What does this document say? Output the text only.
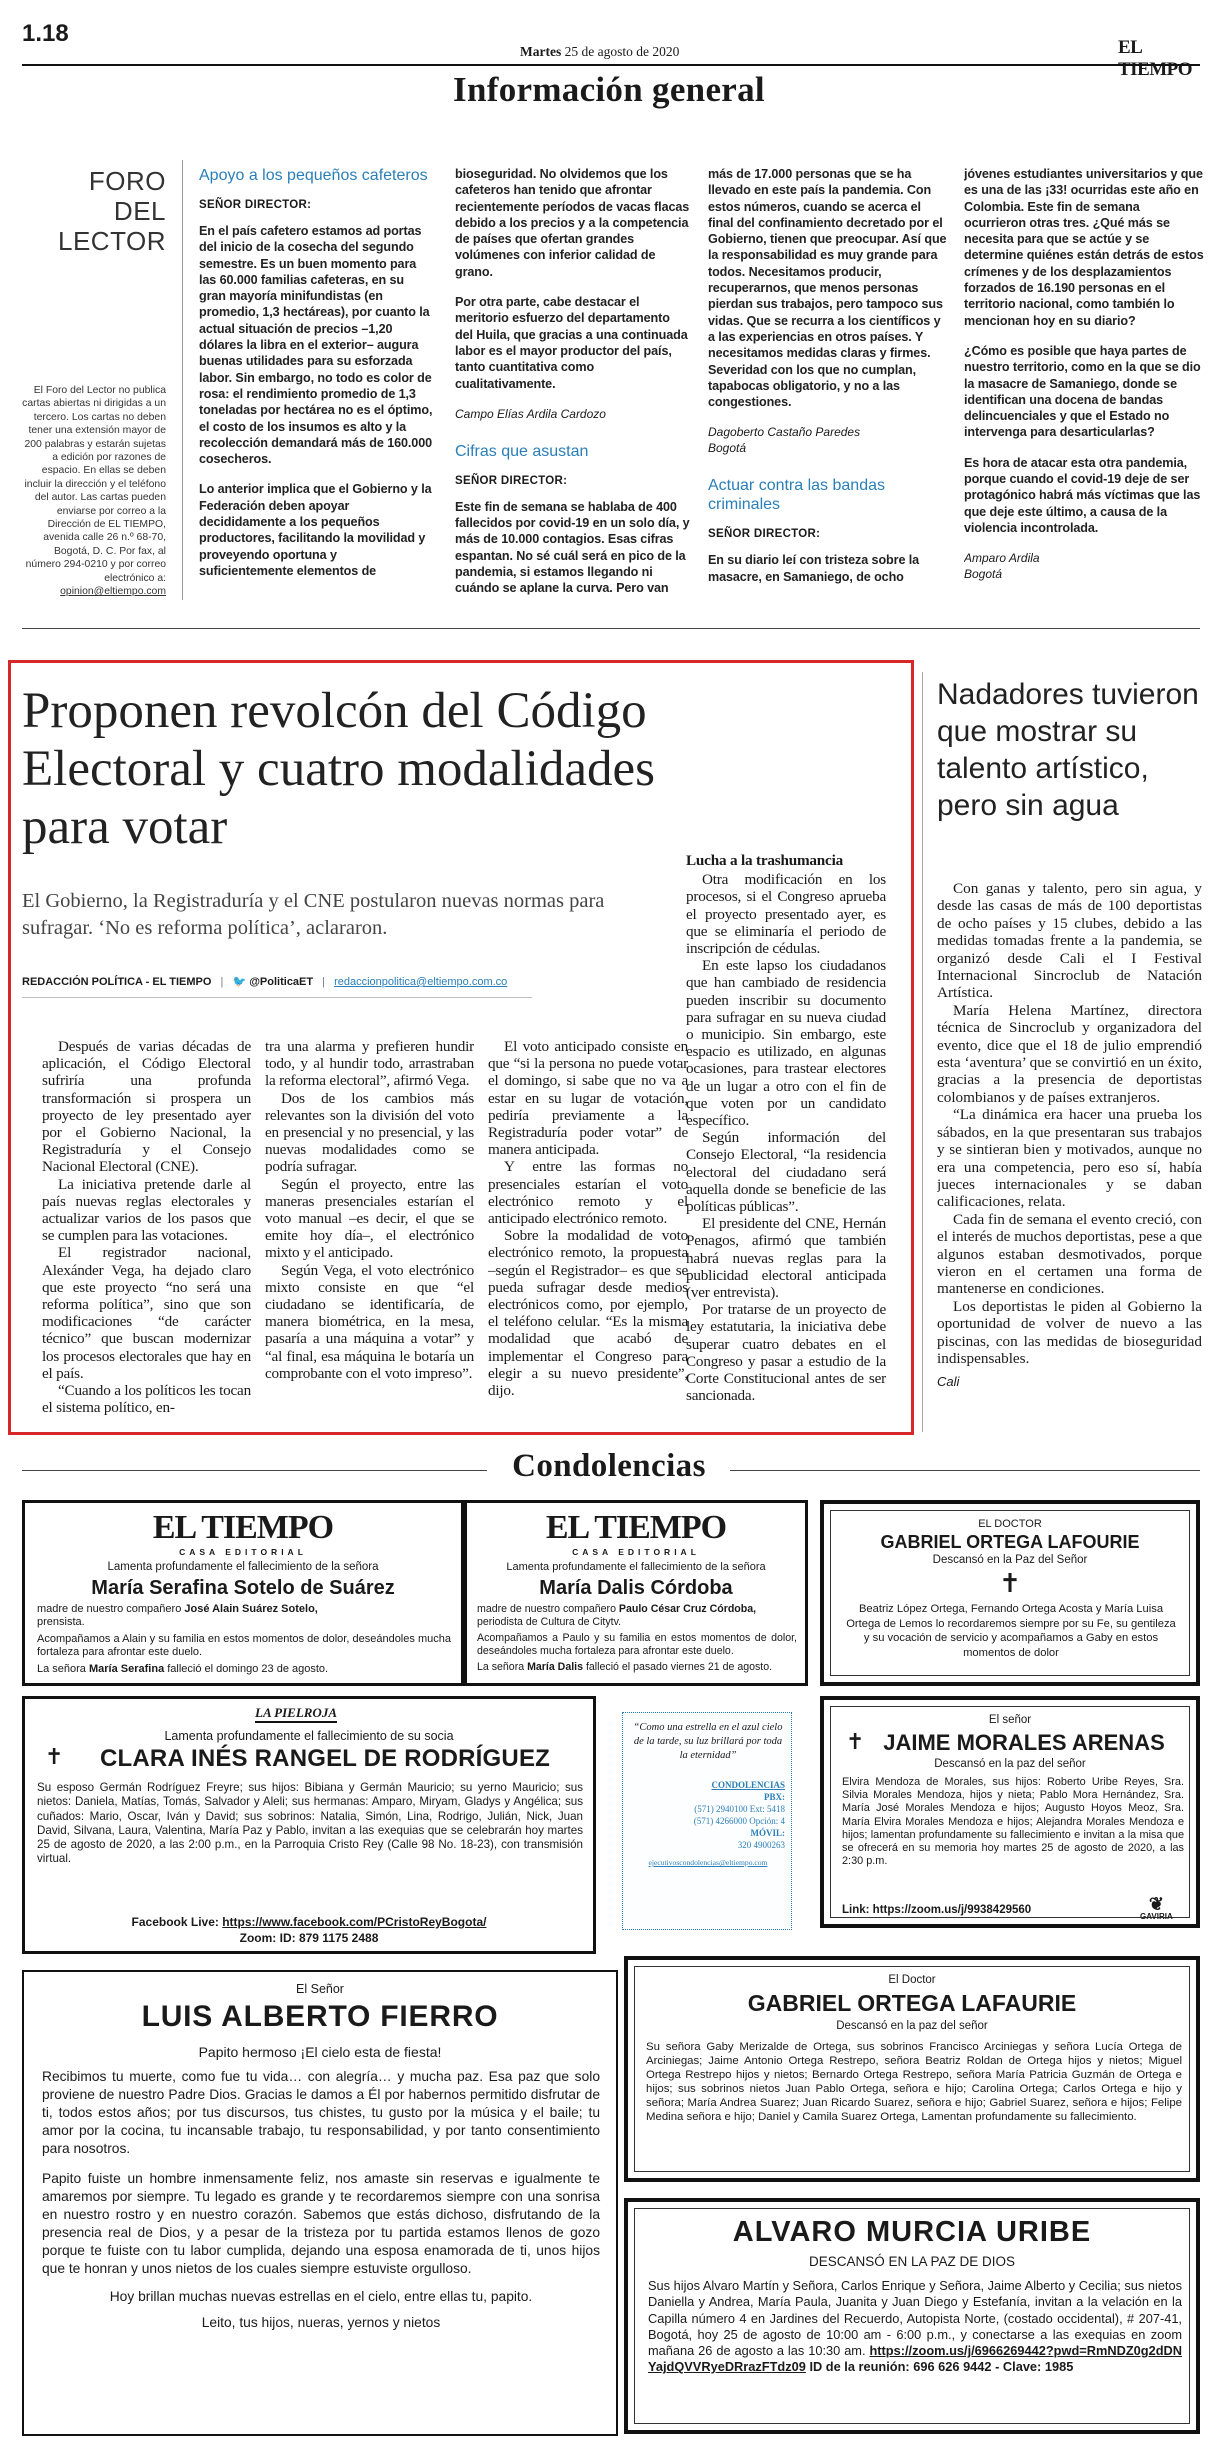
1.18
Martes 25 de agosto de 2020	EL TIEMPO
Información general
FORO DEL LECTOR
El Foro del Lector no publica cartas abiertas ni dirigidas a un tercero. Los cartas no deben tener una extensión mayor de 200 palabras y estarán sujetas a edición por razones de espacio. En ellas se deben incluir la dirección y el teléfono del autor. Las cartas pueden enviarse por correo a la Dirección de EL TIEMPO, avenida calle 26 n.º 68-70, Bogotá, D. C. Por fax, al número 294-0210 y por correo electrónico a: opinion@eltiempo.com
Apoyo a los pequeños cafeteros
SEÑOR DIRECTOR:

En el país cafetero estamos ad portas del inicio de la cosecha del segundo semestre. Es un buen momento para las 60.000 familias cafeteras, en su gran mayoría minifundistas (en promedio, 1,3 hectáreas), por cuanto la actual situación de precios –1,20 dólares la libra en el exterior– augura buenas utilidades para su esforzada labor. Sin embargo, no todo es color de rosa: el rendimiento promedio de 1,3 toneladas por hectárea no es el óptimo, el costo de los insumos es alto y la recolección demandará más de 160.000 cosecheros.

Lo anterior implica que el Gobierno y la Federación deben apoyar decididamente a los pequeños productores, facilitando la movilidad y proveyendo oportuna y suficientemente elementos de

bioseguridad. No olvidemos que los cafeteros han tenido que afrontar recientemente períodos de vacas flacas debido a los precios y a la competencia de países que ofertan grandes volúmenes con inferior calidad de grano.

Por otra parte, cabe destacar el meritorio esfuerzo del departamento del Huila, que gracias a una continuada labor es el mayor productor del país, tanto cuantitativa como cualitativamente.

Campo Elías Ardila Cardozo
Cifras que asustan
SEÑOR DIRECTOR:

Este fin de semana se hablaba de 400 fallecidos por covid-19 en un solo día, y más de 10.000 contagios. Esas cifras espantan. No sé cuál será en pico de la pandemia, si estamos llegando ni cuándo se aplane la curva. Pero van

más de 17.000 personas que se ha llevado en este país la pandemia. Con estos números, cuando se acerca el final del confinamiento decretado por el Gobierno, tienen que preocupar. Así que la responsabilidad es muy grande para todos. Necesitamos producir, recuperarnos, que menos personas pierdan sus trabajos, pero tampoco sus vidas. Que se recurra a los científicos y a las experiencias en otros países. Y necesitamos medidas claras y firmes. Severidad con los que no cumplan, tapabocas obligatorio, y no a las congestiones.

Dagoberto Castaño Paredes
Bogotá
Actuar contra las bandas criminales
SEÑOR DIRECTOR:

En su diario leí con tristeza sobre la masacre, en Samaniego, de ocho

jóvenes estudiantes universitarios y que es una de las ¡33! ocurridas este año en Colombia. Este fin de semana ocurrieron otras tres. ¿Qué más se necesita para que se actúe y se determine quiénes están detrás de estos crímenes y de los desplazamientos forzados de 16.190 personas en el territorio nacional, como también lo mencionan hoy en su diario?

¿Cómo es posible que haya partes de nuestro territorio, como en la que se dio la masacre de Samaniego, donde se identifican una docena de bandas delincuenciales y que el Estado no intervenga para desarticularlas?

Es hora de atacar esta otra pandemia, porque cuando el covid-19 deje de ser protagónico habrá más víctimas que las que deje este último, a causa de la violencia incontrolada.

Amparo Ardila
Bogotá
Proponen revolcón del Código Electoral y cuatro modalidades para votar
El Gobierno, la Registraduría y el CNE postularon nuevas normas para sufragar. ‘No es reforma política’, aclararon.
REDACCIÓN POLÍTICA - EL TIEMPO | 🐦 @PoliticaET | redaccionpolitica@eltiempo.com.co

Después de varias décadas de aplicación, el Código Electoral sufriría una profunda transformación si prospera un proyecto de ley presentado ayer por el Gobierno Nacional, la Registraduría y el Consejo Nacional Electoral (CNE).

La iniciativa pretende darle al país nuevas reglas electorales y actualizar varios de los pasos que se cumplen para las votaciones.

El registrador nacional, Alexánder Vega, ha dejado claro que este proyecto “no será una reforma política”, sino que son modificaciones “de carácter técnico” que buscan modernizar los procesos electorales que hay en el país.

“Cuando a los políticos les tocan el sistema político, en-

tra una alarma y prefieren hundir todo, y al hundir todo, arrastraban la reforma electoral”, afirmó Vega.

Dos de los cambios más relevantes son la división del voto en presencial y no presencial, y las nuevas modalidades como se podría sufragar.

Según el proyecto, entre las maneras presenciales estarían el voto manual –es decir, el que se emite hoy día–, el electrónico mixto y el anticipado.

Según Vega, el voto electrónico mixto consiste en que “el ciudadano se identificaría, de manera biométrica, en la mesa, pasaría a una máquina a votar” y “al final, esa máquina le botaría un comprobante con el voto impreso”.

El voto anticipado consiste en que “si la persona no puede votar el domingo, si sabe que no va a estar en su lugar de votación, pediría previamente a la Registraduría poder votar” de manera anticipada.

Y entre las formas no presenciales estarían el voto electrónico remoto y el anticipado electrónico remoto.

Sobre la modalidad de voto electrónico remoto, la propuesta –según el Registrador– es que se pueda sufragar desde medios electrónicos como, por ejemplo, el teléfono celular. “Es la misma modalidad que acabó de implementar el Congreso para elegir a su nuevo presidente”, dijo.

Lucha a la trashumancia

Otra modificación en los procesos, si el Congreso aprueba el proyecto presentado ayer, es que se eliminaría el periodo de inscripción de cédulas.

En este lapso los ciudadanos que han cambiado de residencia pueden inscribir su documento para sufragar en su nueva ciudad o municipio. Sin embargo, este espacio es utilizado, en algunas ocasiones, para trastear electores de un lugar a otro con el fin de que voten por un candidato específico.

Según información del Consejo Electoral, “la residencia electoral del ciudadano será aquella donde se beneficie de las políticas públicas”.

El presidente del CNE, Hernán Penagos, afirmó que también habrá nuevas reglas para la publicidad electoral anticipada (ver entrevista).

Por tratarse de un proyecto de ley estatutaria, la iniciativa debe superar cuatro debates en el Congreso y pasar a estudio de la Corte Constitucional antes de ser sancionada.

Nadadores tuvieron que mostrar su talento artístico, pero sin agua

Con ganas y talento, pero sin agua, y desde las casas de más de 100 deportistas de ocho países y 15 clubes, debido a las medidas tomadas frente a la pandemia, se organizó desde Cali el I Festival Internacional Sincroclub de Natación Artística.

María Helena Martínez, directora técnica de Sincroclub y organizadora del evento, dice que el 18 de julio emprendió esta ‘aventura’ que se convirtió en un éxito, gracias a la presencia de deportistas colombianos y de países extranjeros.

“La dinámica era hacer una prueba los sábados, en la que presentaran sus trabajos y se sintieran bien y motivados, aunque no era una competencia, pero eso sí, había jueces internacionales y se daban calificaciones, relata.

Cada fin de semana el evento creció, con el interés de muchos deportistas, pese a que algunos estaban desmotivados, porque vieron en el certamen una forma de mantenerse en condiciones.

Los deportistas le piden al Gobierno la oportunidad de volver de nuevo a las piscinas, con las medidas de bioseguridad indispensables.

Cali

Condolencias
EL TIEMPO
CASA EDITORIAL
Lamenta profundamente el fallecimiento de la señora
María Serafina Sotelo de Suárez
madre de nuestro compañero José Alain Suárez Sotelo,
prensista.
Acompañamos a Alain y su familia en estos momentos de dolor, deseándoles mucha fortaleza para afrontar este duelo.
La señora María Serafina falleció el domingo 23 de agosto.
EL TIEMPO
CASA EDITORIAL
Lamenta profundamente el fallecimiento de la señora
María Dalis Córdoba
madre de nuestro compañero Paulo César Cruz Córdoba,
periodista de Cultura de Citytv.
Acompañamos a Paulo y su familia en estos momentos de dolor, deseándoles mucha fortaleza para afrontar este duelo.
La señora María Dalis falleció el pasado viernes 21 de agosto.
EL DOCTOR
GABRIEL ORTEGA LAFOURIE
Descansó en la Paz del Señor
✝
Beatriz López Ortega, Fernando Ortega Acosta y María Luisa Ortega de Lemos lo recordaremos siempre por su Fe, su gentileza y su vocación de servicio y acompañamos a Gaby en estos momentos de dolor
LA PIELROJA
Lamenta profundamente el fallecimiento de su socia
✝	CLARA INÉS RANGEL DE RODRÍGUEZ
Su esposo Germán Rodríguez Freyre; sus hijos: Bibiana y Germán Mauricio; su yerno Mauricio; sus nietos: Daniela, Matías, Tomás, Salvador y Aleli; sus hermanas: Amparo, Miryam, Gladys y Angélica; sus cuñados: Mario, Oscar, Iván y David; sus sobrinos: Natalia, Simón, Lina, Rodrigo, Julián, Nick, Juan David, Silvana, Laura, Valentina, María Paz y Pablo, invitan a las exequias que se celebrarán hoy martes 25 de agosto de 2020, a las 2:00 p.m., en la Parroquia Cristo Rey (Calle 98 No. 18-23), con transmisión virtual.
Facebook Live: https://www.facebook.com/PCristoReyBogota/
Zoom: ID: 879 1175 2488
“Como una estrella en el azul cielo de la tarde, su luz brillará por toda la eternidad”
CONDOLENCIAS
PBX:
(571) 2940100 Ext: 5418
(571) 4266000 Opción: 4
MÓVIL:
320 4900263
ejecutivoscondolencias@eltiempo.com
El señor
✝ JAIME MORALES ARENAS
Descansó en la paz del señor
Elvira Mendoza de Morales, sus hijos: Roberto Uribe Reyes, Sra. Silvia Morales Mendoza, hijos y nieta; Pablo Mora Hernández, Sra. María José Morales Mendoza e hijos; Augusto Hoyos Meoz, Sra. María Elvira Morales Mendoza e hijos; Alejandra Morales Mendoza e hijos; lamentan profundamente su fallecimiento e invitan a la misa que se ofrecerá en su memoria hoy martes 25 de agosto de 2020, a las 2:30 p.m.
Link: https://zoom.us/j/9938429560	❦
GAVIRIA
El Señor
LUIS ALBERTO FIERRO
Papito hermoso ¡El cielo esta de fiesta!

Recibimos tu muerte, como fue tu vida… con alegría… y mucha paz. Esa paz que solo proviene de nuestro Padre Dios. Gracias le damos a Él por habernos permitido disfrutar de ti, todos estos años; por tus discursos, tus chistes, tu gusto por la música y el baile; tu amor por la cocina, tu incansable trabajo, tu responsabilidad, y por tanto consentimiento para nosotros.

Papito fuiste un hombre inmensamente feliz, nos amaste sin reservas e igualmente te amaremos por siempre. Tu legado es grande y te recordaremos siempre con una sonrisa en nuestro rostro y en nuestro corazón. Sabemos que estás dichoso, disfrutando de la presencia real de Dios, y a pesar de la tristeza por tu partida estamos llenos de gozo porque te fuiste con tu labor cumplida, dejando una esposa enamorada de ti, unos hijos que te honran y unos nietos de los cuales siempre estuviste orgulloso.

Hoy brillan muchas nuevas estrellas en el cielo, entre ellas tu, papito.

Leito, tus hijos, nueras, yernos y nietos

El Doctor
GABRIEL ORTEGA LAFAURIE
Descansó en la paz del señor
Su señora Gaby Merizalde de Ortega, sus sobrinos Francisco Arciniegas y señora Lucía Ortega de Arciniegas; Jaime Antonio Ortega Restrepo, señora Beatriz Roldan de Ortega hijos y nietos; Miguel Ortega Restrepo hijos y nietos; Bernardo Ortega Restrepo, señora María Patricia Guzmán de Ortega e hijos; sus sobrinos nietos Juan Pablo Ortega, señora e hijo; Carolina Ortega; Carlos Ortega e hijo y señora; María Andrea Suarez; Juan Ricardo Suarez, señora e hijo; Gabriel Suarez, señora e hijos; Felipe Medina señora e hijo; Daniel y Camila Suarez Ortega, Lamentan profundamente su fallecimiento.
ALVARO MURCIA URIBE
DESCANSÓ EN LA PAZ DE DIOS
Sus hijos Alvaro Martín y Señora, Carlos Enrique y Señora, Jaime Alberto y Cecilia; sus nietos Daniella y Andrea, María Paula, Juanita y Juan Diego y Estefanía, invitan a la velación en la Capilla número 4 en Jardines del Recuerdo, Autopista Norte, (costado occidental), # 207-41, Bogotá, hoy 25 de agosto de 10:00 am - 6:00 p.m., y conectarse a las exequias en zoom mañana 26 de agosto a las 10:30 am. https://zoom.us/j/6966269442?pwd=RmNDZ0g2dDNYajdQVVRyeDRrazFTdz09 ID de la reunión: 696 626 9442 - Clave: 1985
